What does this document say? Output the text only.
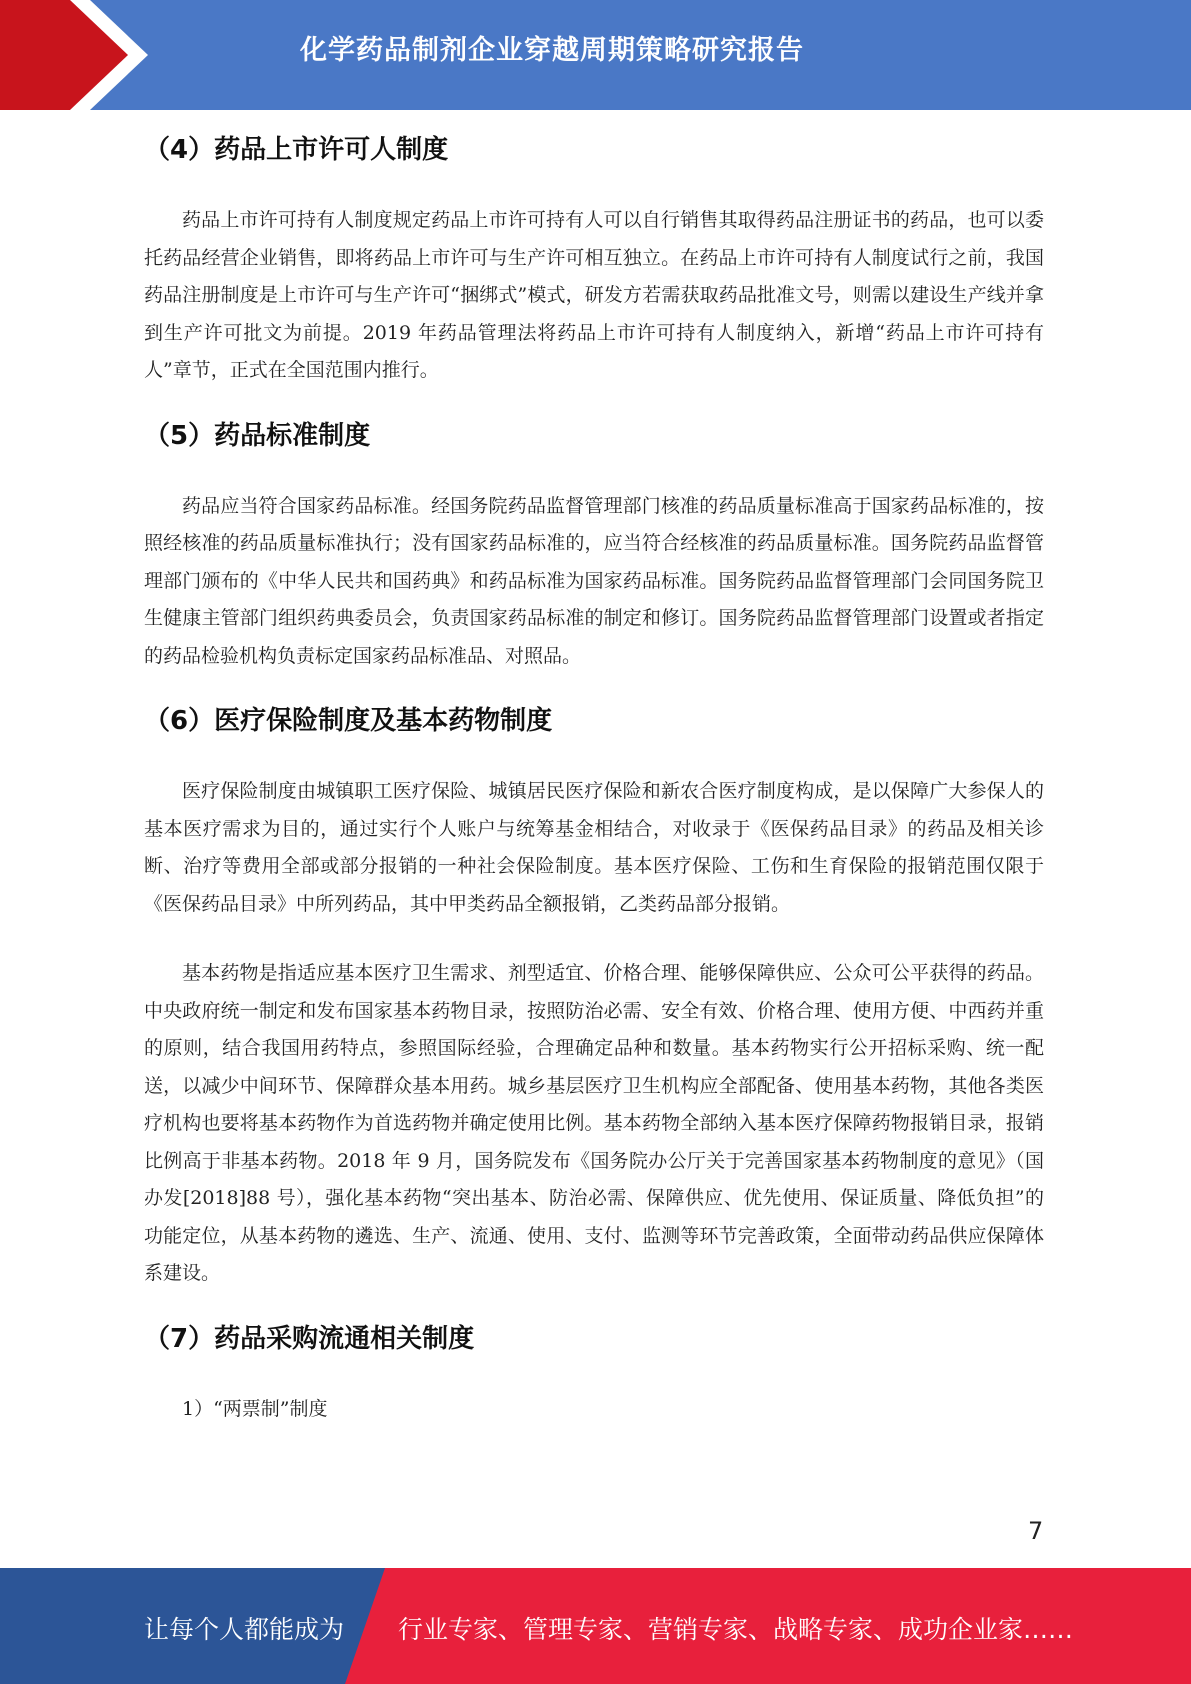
化学药品制剂企业穿越周期策略研究报告
（4）药品上市许可人制度

药品上市许可持有人制度规定药品上市许可持有人可以自行销售其取得药品注册证书的药品，也可以委托药品经营企业销售，即将药品上市许可与生产许可相互独立。在药品上市许可持有人制度试行之前，我国药品注册制度是上市许可与生产许可“捆绑式”模式，研发方若需获取药品批准文号，则需以建设生产线并拿到生产许可批文为前提。2019 年药品管理法将药品上市许可持有人制度纳入，新增“药品上市许可持有人”章节，正式在全国范围内推行。

（5）药品标准制度

药品应当符合国家药品标准。经国务院药品监督管理部门核准的药品质量标准高于国家药品标准的，按照经核准的药品质量标准执行；没有国家药品标准的，应当符合经核准的药品质量标准。国务院药品监督管理部门颁布的《中华人民共和国药典》和药品标准为国家药品标准。国务院药品监督管理部门会同国务院卫生健康主管部门组织药典委员会，负责国家药品标准的制定和修订。国务院药品监督管理部门设置或者指定的药品检验机构负责标定国家药品标准品、对照品。

（6）医疗保险制度及基本药物制度

医疗保险制度由城镇职工医疗保险、城镇居民医疗保险和新农合医疗制度构成，是以保障广大参保人的基本医疗需求为目的，通过实行个人账户与统筹基金相结合，对收录于《医保药品目录》的药品及相关诊断、治疗等费用全部或部分报销的一种社会保险制度。基本医疗保险、工伤和生育保险的报销范围仅限于《医保药品目录》中所列药品，其中甲类药品全额报销，乙类药品部分报销。

基本药物是指适应基本医疗卫生需求、剂型适宜、价格合理、能够保障供应、公众可公平获得的药品。中央政府统一制定和发布国家基本药物目录，按照防治必需、安全有效、价格合理、使用方便、中西药并重的原则，结合我国用药特点，参照国际经验，合理确定品种和数量。基本药物实行公开招标采购、统一配送，以减少中间环节、保障群众基本用药。城乡基层医疗卫生机构应全部配备、使用基本药物，其他各类医疗机构也要将基本药物作为首选药物并确定使用比例。基本药物全部纳入基本医疗保障药物报销目录，报销比例高于非基本药物。2018 年 9 月，国务院发布《国务院办公厅关于完善国家基本药物制度的意见》（国办发[2018]88 号），强化基本药物“突出基本、防治必需、保障供应、优先使用、保证质量、降低负担”的功能定位，从基本药物的遴选、生产、流通、使用、支付、监测等环节完善政策，全面带动药品供应保障体系建设。

（7）药品采购流通相关制度

1）“两票制”制度

7
让每个人都能成为 行业专家、管理专家、营销专家、战略专家、成功企业家……
